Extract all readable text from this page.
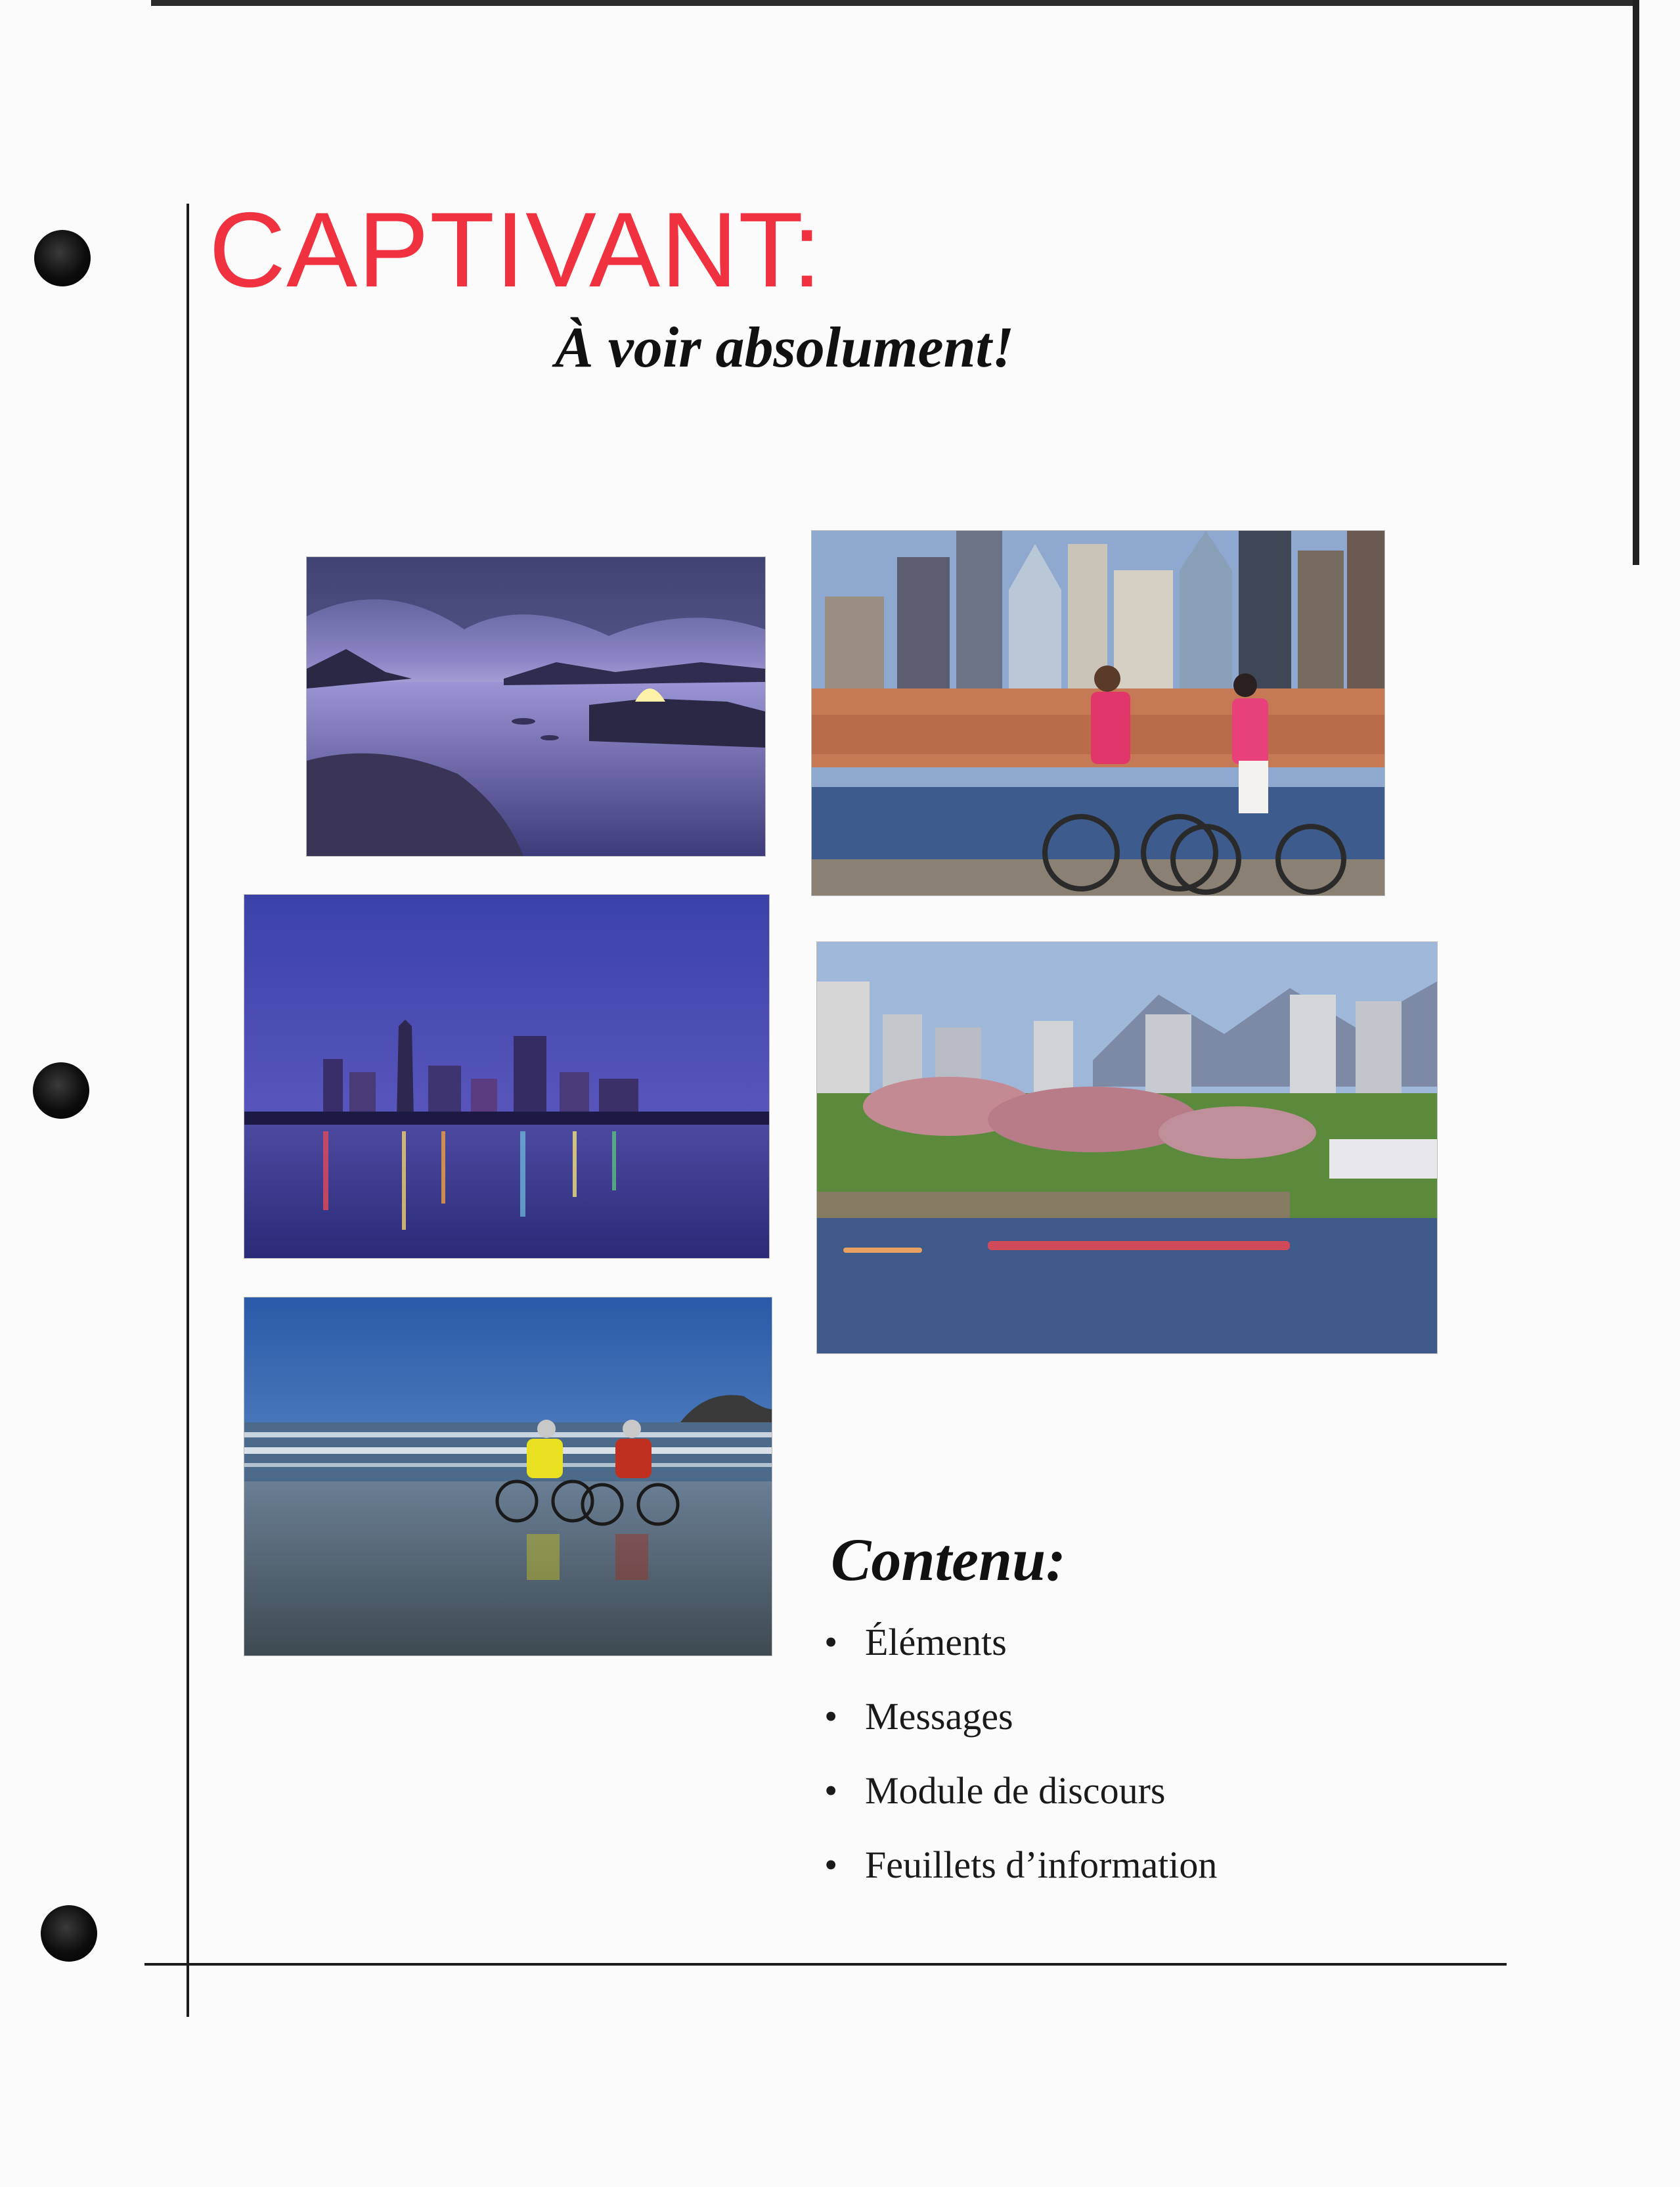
CAPTIVANT:
À voir absolument!
Contenu:
• Éléments
• Messages
• Module de discours
• Feuillets d’information
